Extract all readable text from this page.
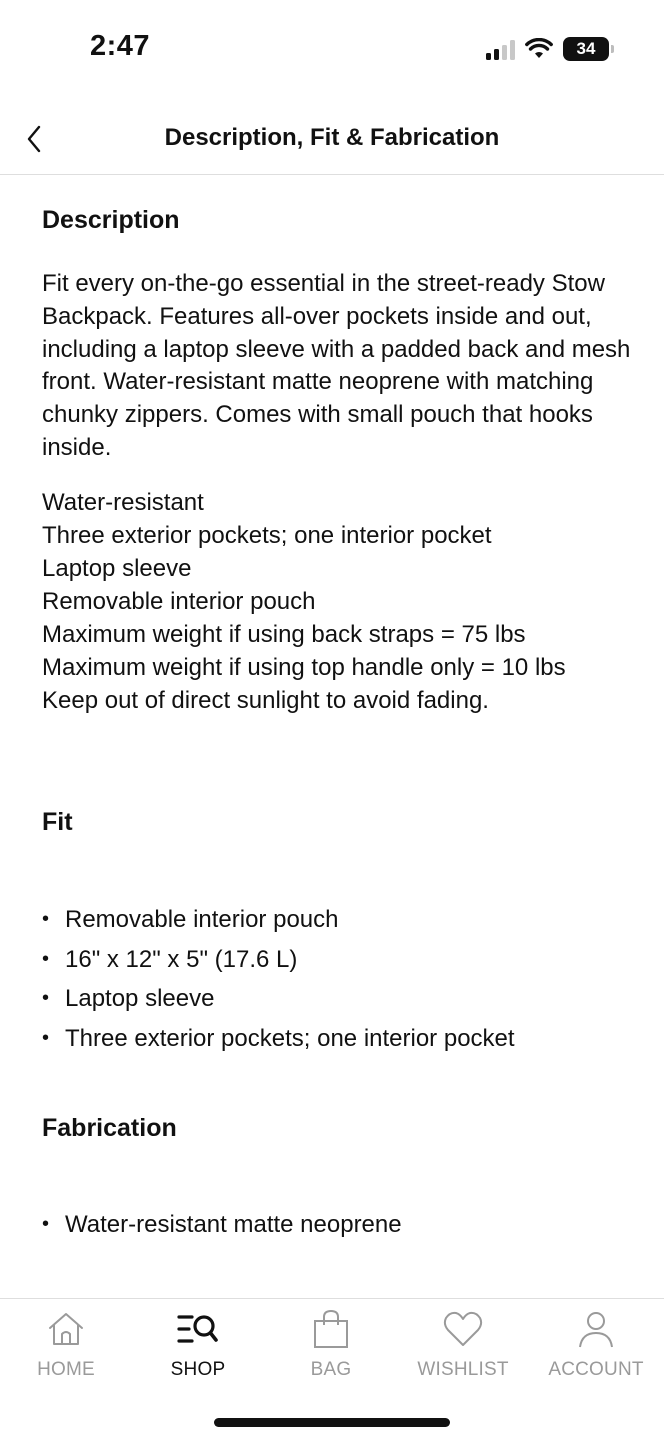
2:47	34
Description, Fit & Fabrication
Description

Fit every on-the-go essential in the street-ready Stow Backpack. Features all-over pockets inside and out, including a laptop sleeve with a padded back and mesh front. Water-resistant matte neoprene with matching chunky zippers. Comes with small pouch that hooks inside.

Water-resistant
Three exterior pockets; one interior pocket
Laptop sleeve
Removable interior pouch
Maximum weight if using back straps = 75 lbs
Maximum weight if using top handle only = 10 lbs
Keep out of direct sunlight to avoid fading.
Fit
• Removable interior pouch
• 16" x 12" x 5" (17.6 L)
• Laptop sleeve
• Three exterior pockets; one interior pocket
Fabrication
• Water-resistant matte neoprene
HOME	SHOP	BAG	WISHLIST ACCOUNT
